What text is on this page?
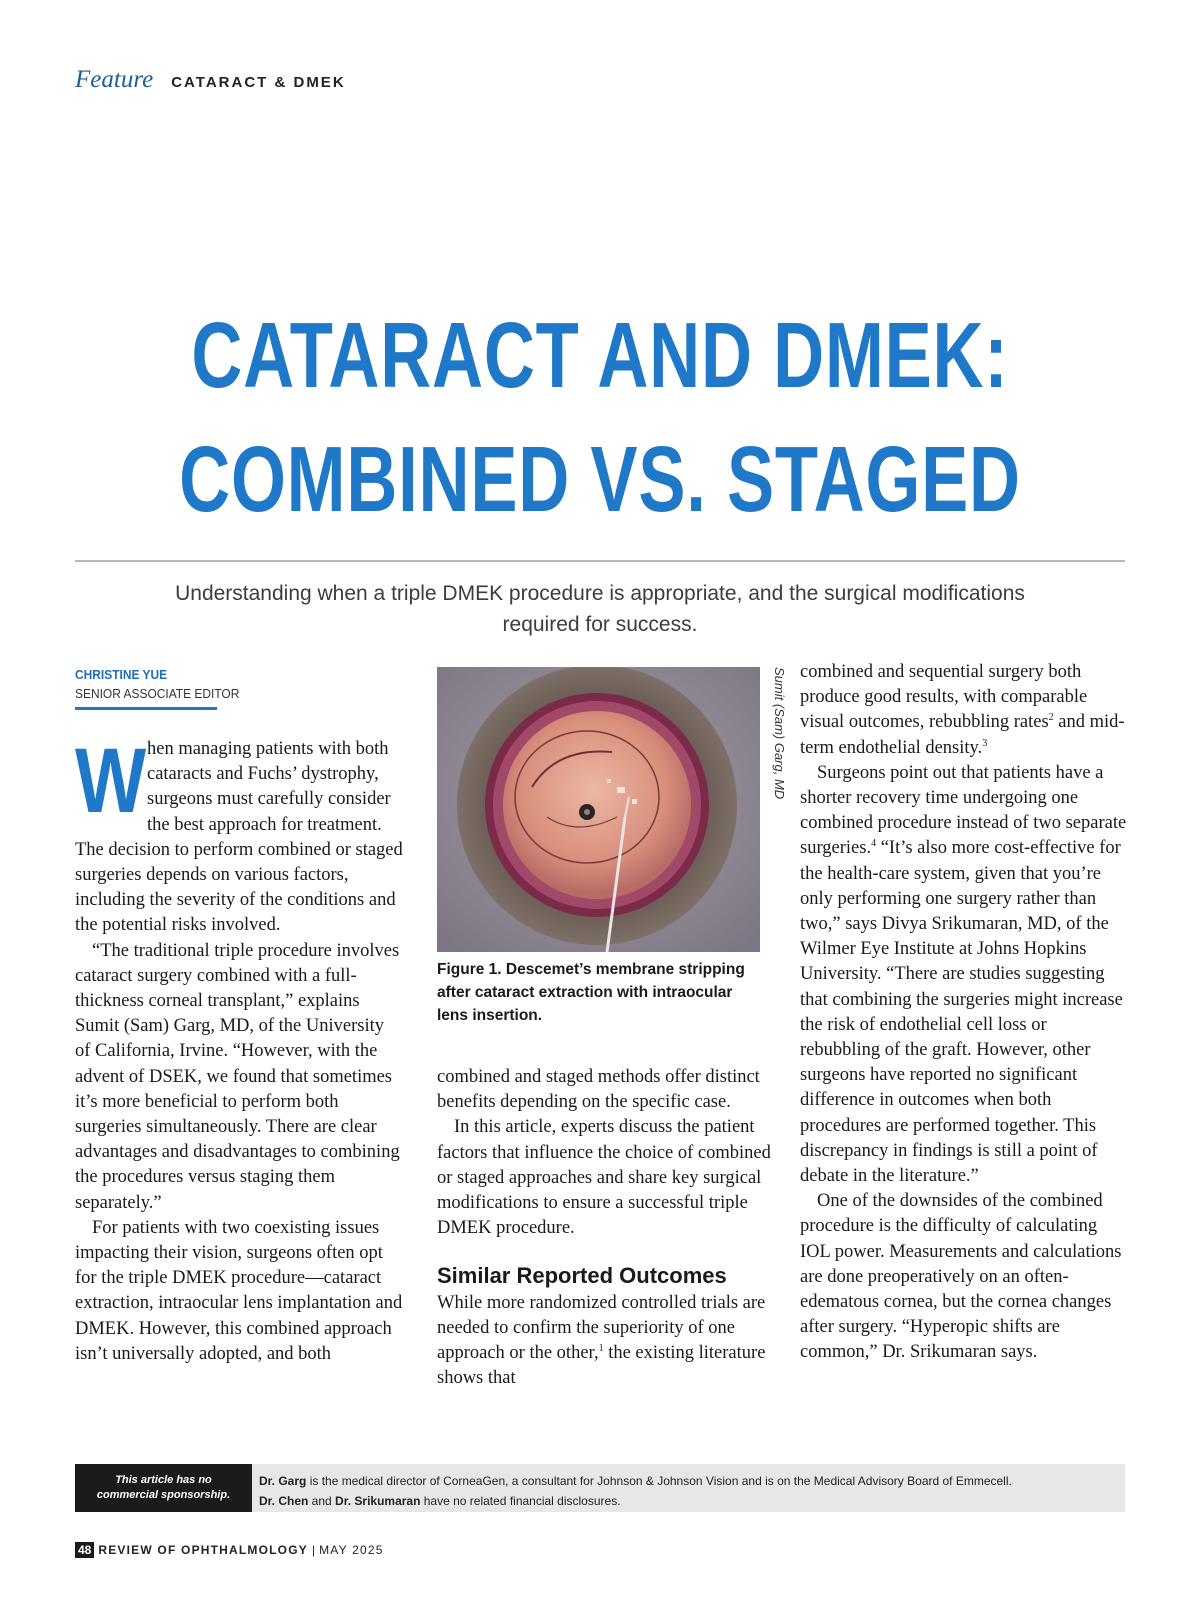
Feature CATARACT & DMEK
CATARACT AND DMEK:
COMBINED VS. STAGED
Understanding when a triple DMEK procedure is appropriate, and the surgical modifications required for success.
CHRISTINE YUE
SENIOR ASSOCIATE EDITOR

When managing patients with both cataracts and Fuchs’ dystrophy, surgeons must carefully consider the best approach for treatment. The decision to perform combined or staged surgeries depends on various factors, including the severity of the conditions and the potential risks involved.

“The traditional triple procedure involves cataract surgery combined with a full-thickness corneal transplant,” explains Sumit (Sam) Garg, MD, of the University of California, Irvine. “However, with the advent of DSEK, we found that sometimes it’s more beneficial to perform both surgeries simultaneously. There are clear advantages and disadvantages to combining the procedures versus staging them separately.”

For patients with two coexisting issues impacting their vision, surgeons often opt for the triple DMEK procedure—cataract extraction, intraocular lens implantation and DMEK. However, this combined approach isn’t universally adopted, and both

Sumit (Sam) Garg, MD
Figure 1. Descemet’s membrane stripping after cataract extraction with intraocular lens insertion.

combined and staged methods offer distinct benefits depending on the specific case.

In this article, experts discuss the patient factors that influence the choice of combined or staged approaches and share key surgical modifications to ensure a successful triple DMEK procedure.

Similar Reported Outcomes

While more randomized controlled trials are needed to confirm the superiority of one approach or the other,$^1$ the existing literature shows that

combined and sequential surgery both produce good results, with comparable visual outcomes, rebubbling rates$^2$ and mid-term endothelial density.$^3$

Surgeons point out that patients have a shorter recovery time undergoing one combined procedure instead of two separate surgeries.$^4$ “It’s also more cost-effective for the health-care system, given that you’re only performing one surgery rather than two,” says Divya Srikumaran, MD, of the Wilmer Eye Institute at Johns Hopkins University. “There are studies suggesting that combining the surgeries might increase the risk of endothelial cell loss or rebubbling of the graft. However, other surgeons have reported no significant difference in outcomes when both procedures are performed together. This discrepancy in findings is still a point of debate in the literature.”

One of the downsides of the combined procedure is the difficulty of calculating IOL power. Measurements and calculations are done preoperatively on an often-edematous cornea, but the cornea changes after surgery. “Hyperopic shifts are common,” Dr. Srikumaran says.

This article has no
commercial sponsorship.
Dr. Garg is the medical director of CorneaGen, a consultant for Johnson & Johnson Vision and is on the Medical Advisory Board of Emmecell.
Dr. Chen and Dr. Srikumaran have no related financial disclosures.
48 REVIEW OF OPHTHALMOLOGY | MAY 2025
